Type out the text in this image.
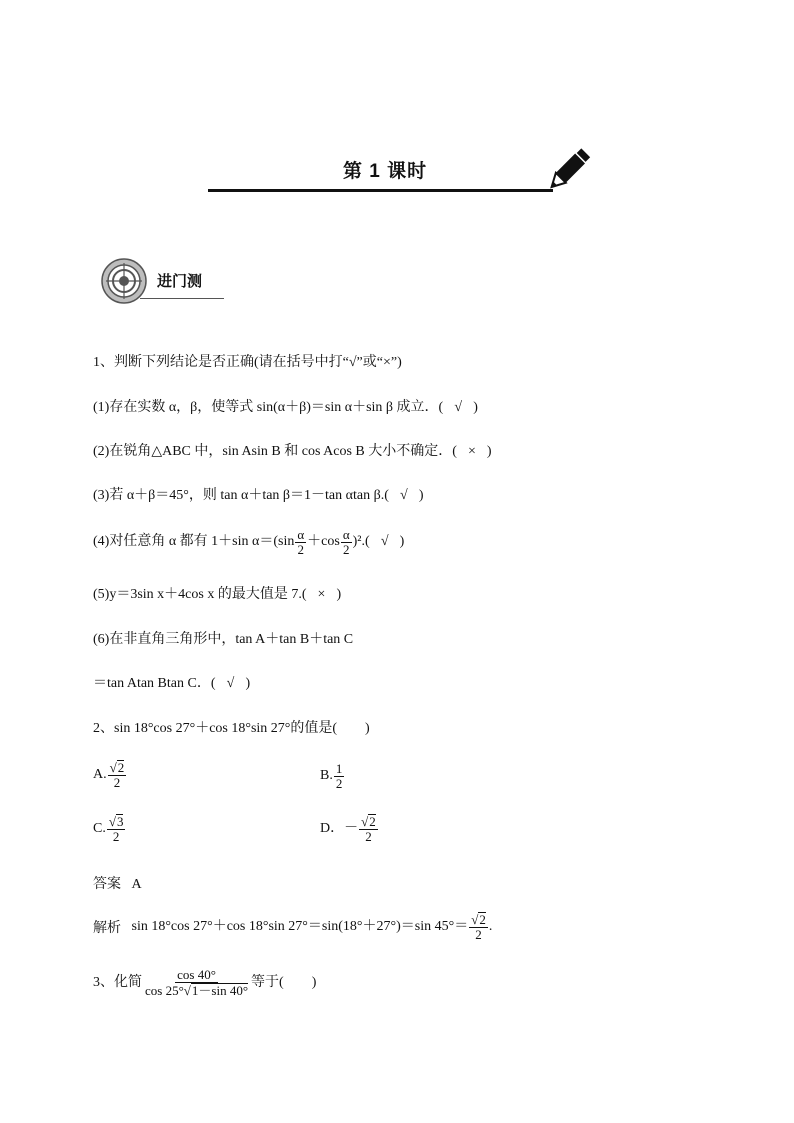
第 1 课时
进门测
1、判断下列结论是否正确(请在括号中打“√”或“×”)
(1)存在实数 α，β，使等式 sin(α＋β)＝sin α＋sin β 成立．( √ )
(2)在锐角△ABC 中，sin Asin B 和 cos Acos B 大小不确定．( × )
(3)若 α＋β＝45°，则 tan α＋tan β＝1－tan αtan β.( √ )
(4)对任意角 α 都有 1＋sin $\alpha=(\sin \frac{\alpha}{2} +\cos \frac{\alpha}{2} )^2$.( √ )
(5)y＝3sin x＋4cos x 的最大值是 7.( × )
(6)在非直角三角形中，tan A＋tan B＋tan C
＝tan Atan Btan C．( √ )
2、sin 18°cos 27°＋cos 18°sin 27°的值是(　　)
A. $\frac{√ 2}{2}$	B. $\frac{1}{2}$
C. $\frac{√ 3}{2}$	D． － $\frac{√ 2}{2}$
答案 A
解析
sin 18°cos 27°＋cos 18°sin 27°＝sin(18°＋27°)＝sin $45^\circ= \frac{√ 2}{2}$ .
3、化简 $\frac{\cos 40^\circ}{\cos 25^\circ √ 1-\sin 40^\circ}$ 等于(　　)
